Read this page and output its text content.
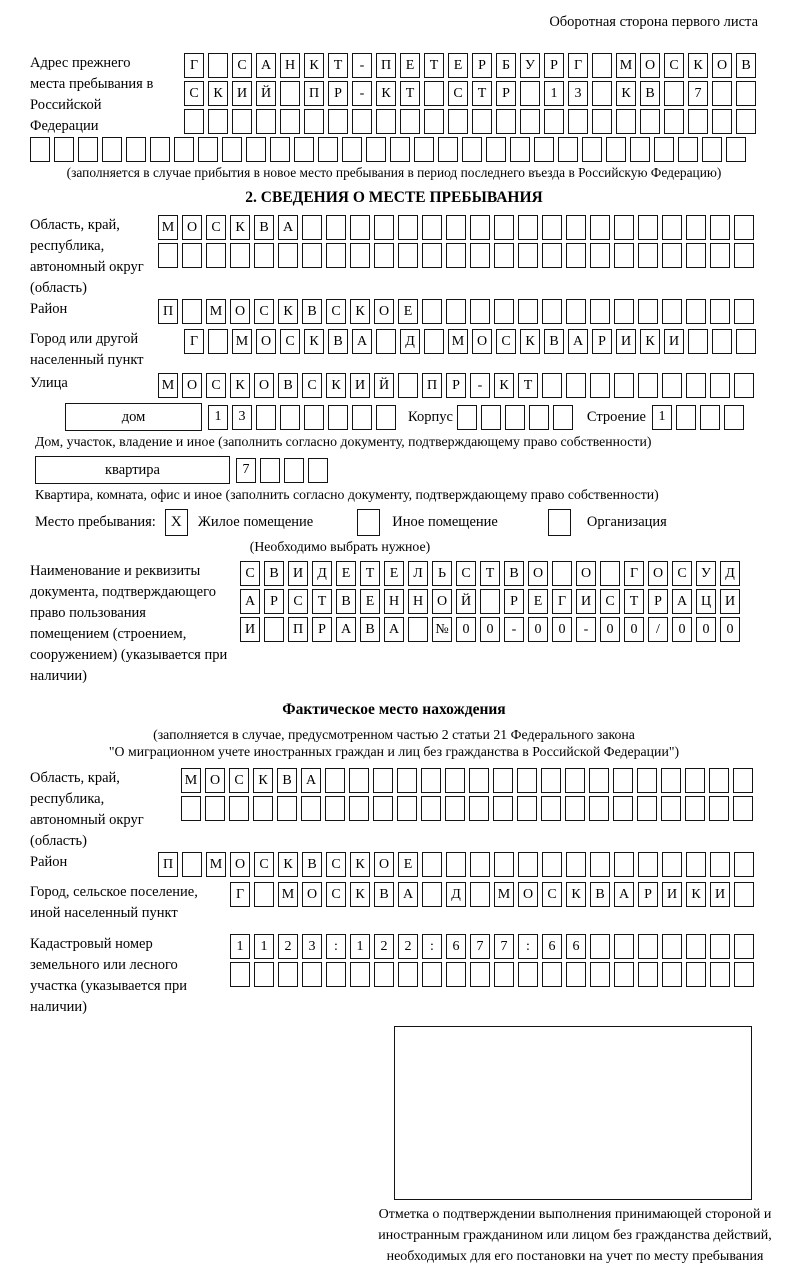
Оборотная сторона первого листа
Адрес прежнего места пребывания в Российской Федерации
Г	С	А Н	К	Т	-	П	Е	Т	Е	Р	Б	У	Р	Г	М О	С	К	О	В
С	К	И Й	П	Р	-	К	Т	С	Т	Р	1	3	К	В	7
(заполняется в случае прибытия в новое место пребывания в период последнего въезда в Российскую Федерацию)
2. СВЕДЕНИЯ О МЕСТЕ ПРЕБЫВАНИЯ
Область, край, республика, автономный округ (область)
М О	С	К	В	А
Район	П	М О	С	К	В	С	К	О	Е
Город или другой населенный пункт
Г	М О	С	К	В	А	Д	М О	С	К	В	А	Р	И	К	И
Улица	М О	С	К	О	В	С	К	И Й	П	Р	-	К	Т
дом	1	3	Корпус	Строение 1
Дом, участок, владение и иное (заполнить согласно документу, подтверждающему право собственности)
квартира	7
Квартира, комната, офис и иное (заполнить согласно документу, подтверждающему право собственности)
Место пребывания:	X	Жилое помещение	Иное помещение	Организация
(Необходимо выбрать нужное)
Наименование и реквизиты документа, подтверждающего право пользования помещением (строением, сооружением) (указывается при наличии)
С	В	И	Д	Е	Т	Е	Л	Ь	С	Т	В	О	О	Г	О	С	У	Д
А	Р	С	Т	В	Е	Н Н О Й	Р	Е	Г	И	С	Т	Р	А Ц И
И	П	Р	А	В	А	№ 0	0	-	0	0	-	0	0	/	0	0	0
Фактическое место нахождения
(заполняется в случае, предусмотренном частью 2 статьи 21 Федерального закона
"О миграционном учете иностранных граждан и лиц без гражданства в Российской Федерации")
Область, край, республика, автономный округ (область)
М О	С	К	В	А
Район	П	М О	С	К	В	С	К	О	Е
Город, сельское поселение, иной населенный пункт
Г	М О	С	К	В	А	Д	М О	С	К	В	А	Р	И	К	И
Кадастровый номер земельного или лесного участка (указывается при наличии)
1	1	2	3	:	1	2	2	:	6	7	7	:	6	6
Отметка о подтверждении выполнения принимающей стороной и иностранным гражданином или лицом без гражданства действий, необходимых для его постановки на учет по месту пребывания
